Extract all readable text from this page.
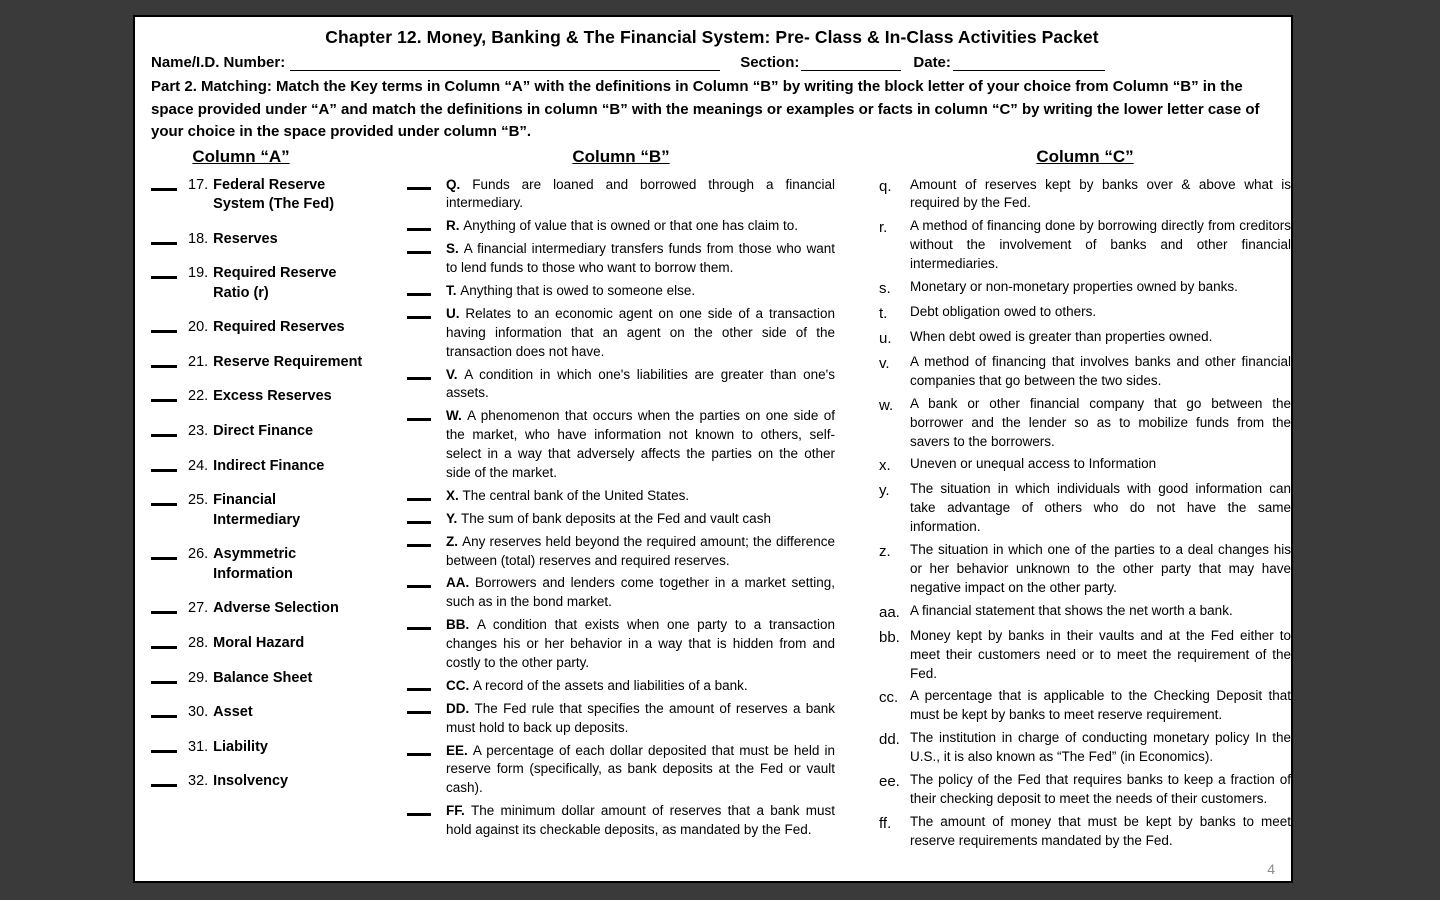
Chapter 12. Money, Banking & The Financial System: Pre- Class & In-Class Activities Packet
Name/I.D. Number:	Section:	Date:

Part 2. Matching: Match the Key terms in Column “A” with the definitions in Column “B” by writing the block letter of your choice from Column “B” in the space provided under “A” and match the definitions in column “B” with the meanings or examples or facts in column “C” by writing the lower letter case of your choice in the space provided under column “B”.

Column “A”
17. Federal Reserve System (The Fed)
18. Reserves
19. Required Reserve Ratio (r)
20. Required Reserves
21. Reserve Requirement
22. Excess Reserves
23. Direct Finance
24. Indirect Finance
25. Financial Intermediary
26. Asymmetric Information
27. Adverse Selection
28. Moral Hazard
29. Balance Sheet
30. Asset
31. Liability
32. Insolvency
Column “B”

Q. Funds are loaned and borrowed through a financial intermediary.

R. Anything of value that is owned or that one has claim to.

S. A financial intermediary transfers funds from those who want to lend funds to those who want to borrow them.

T. Anything that is owed to someone else.

U. Relates to an economic agent on one side of a transaction having information that an agent on the other side of the transaction does not have.

V. A condition in which one's liabilities are greater than one's assets.

W. A phenomenon that occurs when the parties on one side of the market, who have information not known to others, self-select in a way that adversely affects the parties on the other side of the market.

X. The central bank of the United States.

Y. The sum of bank deposits at the Fed and vault cash

Z. Any reserves held beyond the required amount; the difference between (total) reserves and required reserves.

AA. Borrowers and lenders come together in a market setting, such as in the bond market.

BB. A condition that exists when one party to a transaction changes his or her behavior in a way that is hidden from and costly to the other party.

CC. A record of the assets and liabilities of a bank.

DD. The Fed rule that specifies the amount of reserves a bank must hold to back up deposits.

EE. A percentage of each dollar deposited that must be held in reserve form (specifically, as bank deposits at the Fed or vault cash).

FF. The minimum dollar amount of reserves that a bank must hold against its checkable deposits, as mandated by the Fed.

Column “C”
q.	Amount of reserves kept by banks over & above what is required by the Fed.

r.	A method of financing done by borrowing directly from creditors without the involvement of banks and other financial intermediaries.

s.	Monetary or non-monetary properties owned by banks.

t.	Debt obligation owed to others.

u.	When debt owed is greater than properties owned.

v.	A method of financing that involves banks and other financial companies that go between the two sides.

w.	A bank or other financial company that go between the borrower and the lender so as to mobilize funds from the savers to the borrowers.

x.	Uneven or unequal access to Information

y.	The situation in which individuals with good information can take advantage of others who do not have the same information.

z.	The situation in which one of the parties to a deal changes his or her behavior unknown to the other party that may have negative impact on the other party.

aa. A financial statement that shows the net worth a bank.

bb. Money kept by banks in their vaults and at the Fed either to meet their customers need or to meet the requirement of the Fed.

cc. A percentage that is applicable to the Checking Deposit that must be kept by banks to meet reserve requirement.

dd. The institution in charge of conducting monetary policy In the U.S., it is also known as “The Fed” (in Economics).

ee. The policy of the Fed that requires banks to keep a fraction of their checking deposit to meet the needs of their customers.

ff.	The amount of money that must be kept by banks to meet reserve requirements mandated by the Fed.

4
